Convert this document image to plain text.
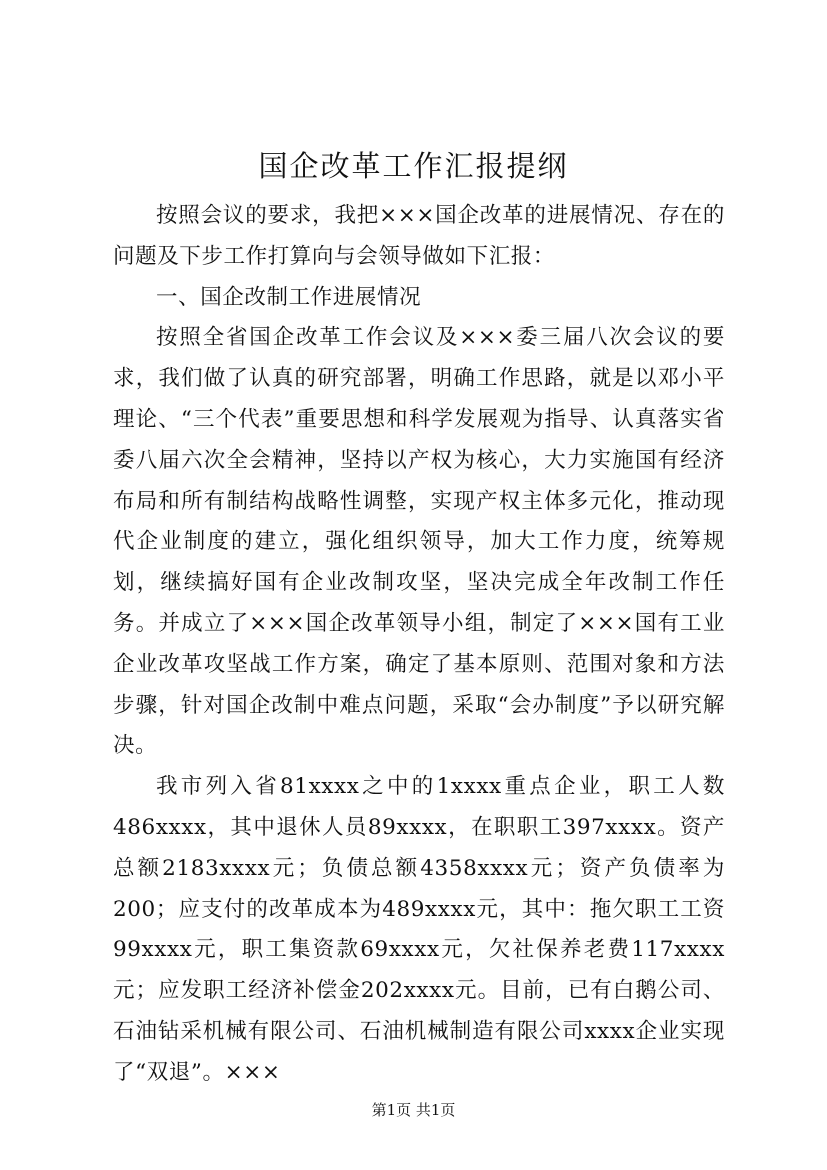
国企改革工作汇报提纲

按照会议的要求，我把×××国企改革的进展情况、存在的问题及下步工作打算向与会领导做如下汇报：

一、国企改制工作进展情况

按照全省国企改革工作会议及×××委三届八次会议的要求，我们做了认真的研究部署，明确工作思路，就是以邓小平理论、“三个代表”重要思想和科学发展观为指导、认真落实省委八届六次全会精神，坚持以产权为核心，大力实施国有经济布局和所有制结构战略性调整，实现产权主体多元化，推动现代企业制度的建立，强化组织领导，加大工作力度，统筹规划，继续搞好国有企业改制攻坚，坚决完成全年改制工作任务。并成立了×××国企改革领导小组，制定了×××国有工业企业改革攻坚战工作方案，确定了基本原则、范围对象和方法步骤，针对国企改制中难点问题，采取“会办制度”予以研究解决。

我市列入省81xxxx之中的1xxxx重点企业，职工人数486xxxx，其中退休人员89xxxx，在职职工397xxxx。资产总额2183xxxx元；负债总额4358xxxx元；资产负债率为200；应支付的改革成本为489xxxx元，其中：拖欠职工工资99xxxx元，职工集资款69xxxx元，欠社保养老费117xxxx元；应发职工经济补偿金202xxxx元。目前，已有白鹅公司、石油钻采机械有限公司、石油机械制造有限公司xxxx企业实现了“双退”。×××

第1页 共1页
